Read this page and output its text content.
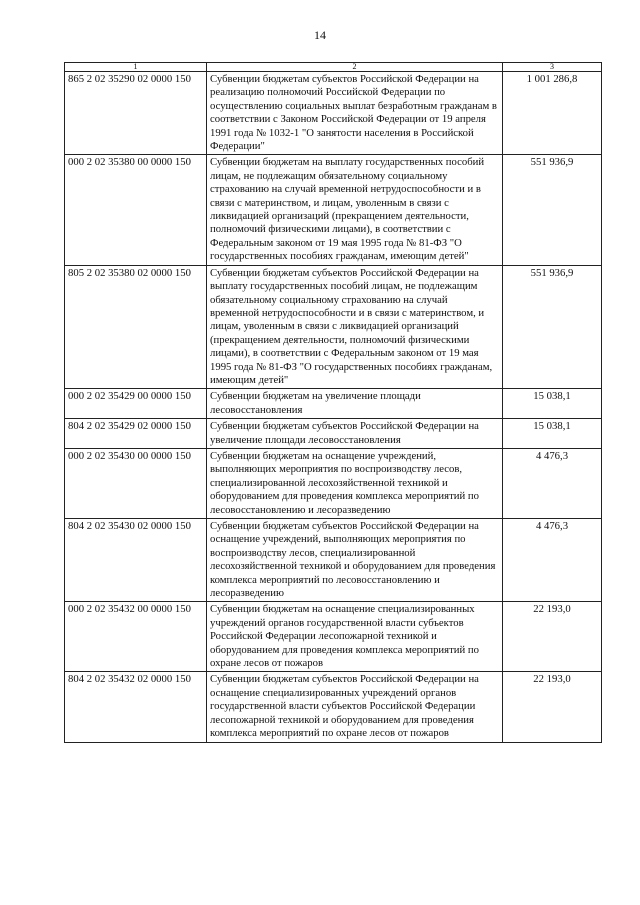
14
1	2	3
865 2 02 35290 02 0000 150	Субвенции бюджетам субъектов Российской Федерации на реализацию полномочий Российской Федерации по осуществлению социальных выплат безработным гражданам в соответствии с Законом Российской Федерации от 19 апреля 1991 года № 1032-1 "О занятости населения в Российской Федерации"	1 001 286,8
000 2 02 35380 00 0000 150	Субвенции бюджетам на выплату государственных пособий лицам, не подлежащим обязательному социальному страхованию на случай временной нетрудоспособности и в связи с материнством, и лицам, уволенным в связи с ликвидацией организаций (прекращением деятельности, полномочий физическими лицами), в соответствии с Федеральным законом от 19 мая 1995 года № 81-ФЗ "О государственных пособиях гражданам, имеющим детей"	551 936,9
805 2 02 35380 02 0000 150	Субвенции бюджетам субъектов Российской Федерации на выплату государственных пособий лицам, не подлежащим обязательному социальному страхованию на случай временной нетрудоспособности и в связи с материнством, и лицам, уволенным в связи с ликвидацией организаций (прекращением деятельности, полномочий физическими лицами), в соответствии с Федеральным законом от 19 мая 1995 года № 81-ФЗ "О государственных пособиях гражданам, имеющим детей"	551 936,9
000 2 02 35429 00 0000 150	Субвенции бюджетам на увеличение площади лесовосстановления	15 038,1
804 2 02 35429 02 0000 150	Субвенции бюджетам субъектов Российской Федерации на увеличение площади лесовосстановления	15 038,1
000 2 02 35430 00 0000 150	Субвенции бюджетам на оснащение учреждений, выполняющих мероприятия по воспроизводству лесов, специализированной лесохозяйственной техникой и оборудованием для проведения комплекса мероприятий по лесовосстановлению и лесоразведению	4 476,3
804 2 02 35430 02 0000 150	Субвенции бюджетам субъектов Российской Федерации на оснащение учреждений, выполняющих мероприятия по воспроизводству лесов, специализированной лесохозяйственной техникой и оборудованием для проведения комплекса мероприятий по лесовосстановлению и лесоразведению	4 476,3
000 2 02 35432 00 0000 150	Субвенции бюджетам на оснащение специализированных учреждений органов государственной власти субъектов Российской Федерации лесопожарной техникой и оборудованием для проведения комплекса мероприятий по охране лесов от пожаров	22 193,0
804 2 02 35432 02 0000 150	Субвенции бюджетам субъектов Российской Федерации на оснащение специализированных учреждений органов государственной власти субъектов Российской Федерации лесопожарной техникой и оборудованием для проведения комплекса мероприятий по охране лесов от пожаров	22 193,0
